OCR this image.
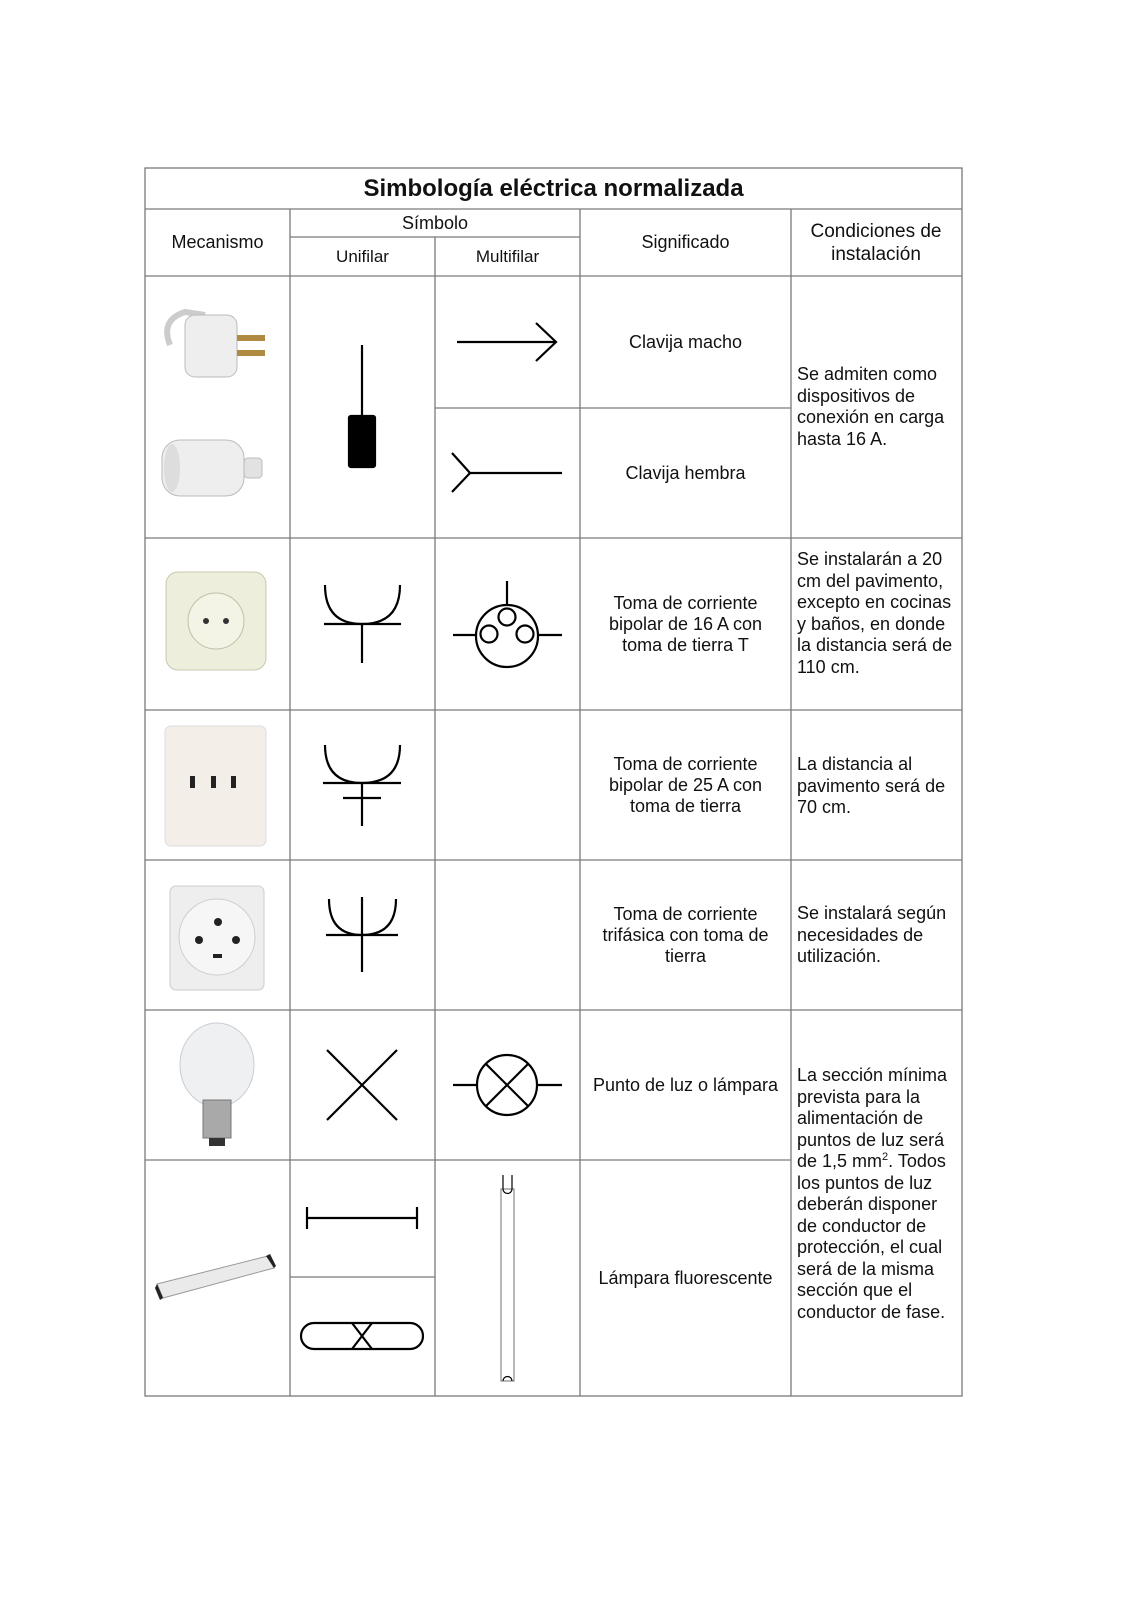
Simbología eléctrica normalizada
Mecanismo
Símbolo
Unifilar	Multifilar
Significado
Condiciones de instalación
Clavija macho
Clavija hembra
Se admiten como dispositivos de conexión en carga hasta 16 A.
Toma de corriente bipolar de 16 A con toma de tierra T
Se instalarán a 20 cm del pavimento, excepto en cocinas y baños, en donde la distancia será de 110 cm.
Toma de corriente bipolar de 25 A con toma de tierra
La distancia al pavimento será de 70 cm.
Toma de corriente trifásica con toma de tierra
Se instalará según necesidades de utilización.
Punto de luz o lámpara
Lámpara fluorescente
La sección mínima prevista para la alimentación de puntos de luz será de 1,5 $mm^2$. Todos los puntos de luz deberán disponer de conductor de protección, el cual será de la misma sección que el conductor de fase.
